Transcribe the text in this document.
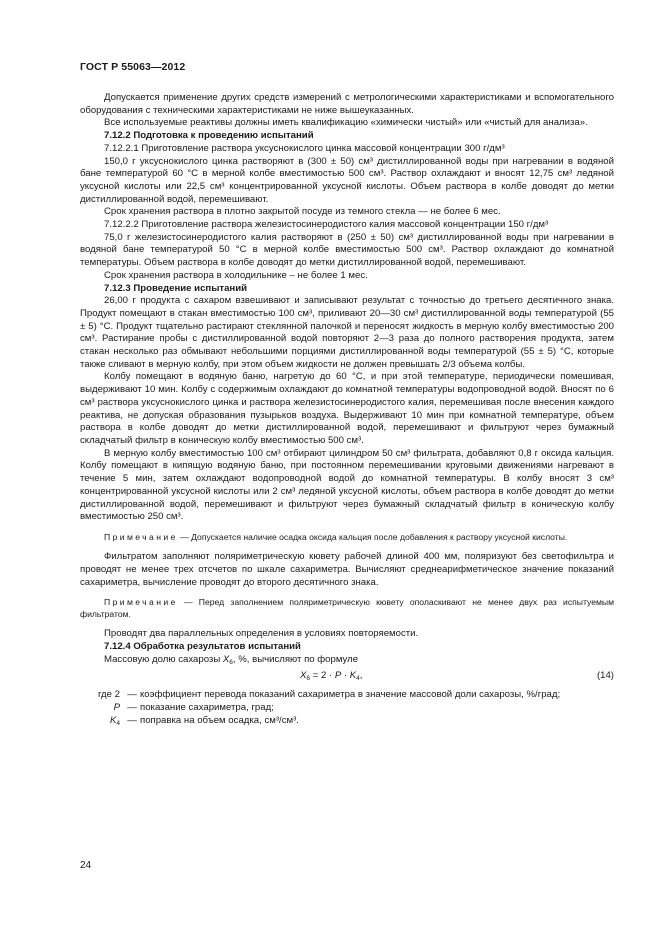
ГОСТ Р 55063—2012

Допускается применение других средств измерений с метрологическими характеристиками и вспомогательного оборудования с техническими характеристиками не ниже вышеуказанных.

Все используемые реактивы должны иметь квалификацию «химически чистый» или «чистый для анализа».

7.12.2 Подготовка к проведению испытаний

7.12.2.1 Приготовление раствора уксуснокислого цинка массовой концентрации 300 г/дм³

150,0 г уксуснокислого цинка растворяют в (300 ± 50) см³ дистиллированной воды при нагревании в водяной бане температурой 60 °С в мерной колбе вместимостью 500 см³. Раствор охлаждают и вносят 12,75 см³ ледяной уксусной кислоты или 22,5 см³ концентрированной уксусной кислоты. Объем раствора в колбе доводят до метки дистиллированной водой, перемешивают.

Срок хранения раствора в плотно закрытой посуде из темного стекла — не более 6 мес.

7.12.2.2 Приготовление раствора железистосинеродистого калия массовой концентрации 150 г/дм³

75,0 г железистосинеродистого калия растворяют в (250 ± 50) см³ дистиллированной воды при нагревании в водяной бане температурой 50 °С в мерной колбе вместимостью 500 см³. Раствор охлаждают до комнатной температуры. Объем раствора в колбе доводят до метки дистиллированной водой, перемешивают.

Срок хранения раствора в холодильнике – не более 1 мес.

7.12.3 Проведение испытаний

26,00 г продукта с сахаром взвешивают и записывают результат с точностью до третьего десятичного знака. Продукт помещают в стакан вместимостью 100 см³, приливают 20—30 см³ дистиллированной воды температурой (55 ± 5) °С. Продукт тщательно растирают стеклянной палочкой и переносят жидкость в мерную колбу вместимостью 200 см³. Растирание пробы с дистиллированной водой повторяют 2—3 раза до полного растворения продукта, затем стакан несколько раз обмывают небольшими порциями дистиллированной воды температурой (55 ± 5) °С, которые также сливают в мерную колбу, при этом объем жидкости не должен превышать 2/3 объема колбы.

Колбу помещают в водяную баню, нагретую до 60 °С, и при этой температуре, периодически помешивая, выдерживают 10 мин. Колбу с содержимым охлаждают до комнатной температуры водопроводной водой. Вносят по 6 см³ раствора уксуснокислого цинка и раствора железистосинеродистого калия, перемешивая после внесения каждого реактива, не допуская образования пузырьков воздуха. Выдерживают 10 мин при комнатной температуре, объем раствора в колбе доводят до метки дистиллированной водой, перемешивают и фильтруют через бумажный складчатый фильтр в коническую колбу вместимостью 500 см³.

В мерную колбу вместимостью 100 см³ отбирают цилиндром 50 см³ фильтрата, добавляют 0,8 г оксида кальция. Колбу помещают в кипящую водяную баню, при постоянном перемешивании круговыми движениями нагревают в течение 5 мин, затем охлаждают водопроводной водой до комнатной температуры. В колбу вносят 3 см³ концентрированной уксусной кислоты или 2 см³ ледяной уксусной кислоты, объем раствора в колбе доводят до метки дистиллированной водой, перемешивают и фильтруют через бумажный складчатый фильтр в коническую колбу вместимостью 250 см³.

Примечание — Допускается наличие осадка оксида кальция после добавления к раствору уксусной кислоты.

Фильтратом заполняют поляриметрическую кювету рабочей длиной 400 мм, поляризуют без светофильтра и проводят не менее трех отсчетов по шкале сахариметра. Вычисляют среднеарифметическое значение показаний сахариметра, вычисление проводят до второго десятичного знака.

Примечание — Перед заполнением поляриметрическую кювету ополаскивают не менее двух раз испытуемым фильтратом.

Проводят два параллельных определения в условиях повторяемости.

7.12.4 Обработка результатов испытаний

Массовую долю сахарозы $X_6$, %, вычисляют по формуле

$X_6 = 2 \cdot P \cdot K_4$,	(14)
где 2 — коэффициент перевода показаний сахариметра в значение массовой доли сахарозы, %/град;
P — показание сахариметра, град;
$K_4$ — поправка на объем осадка, см³/см³.
24
